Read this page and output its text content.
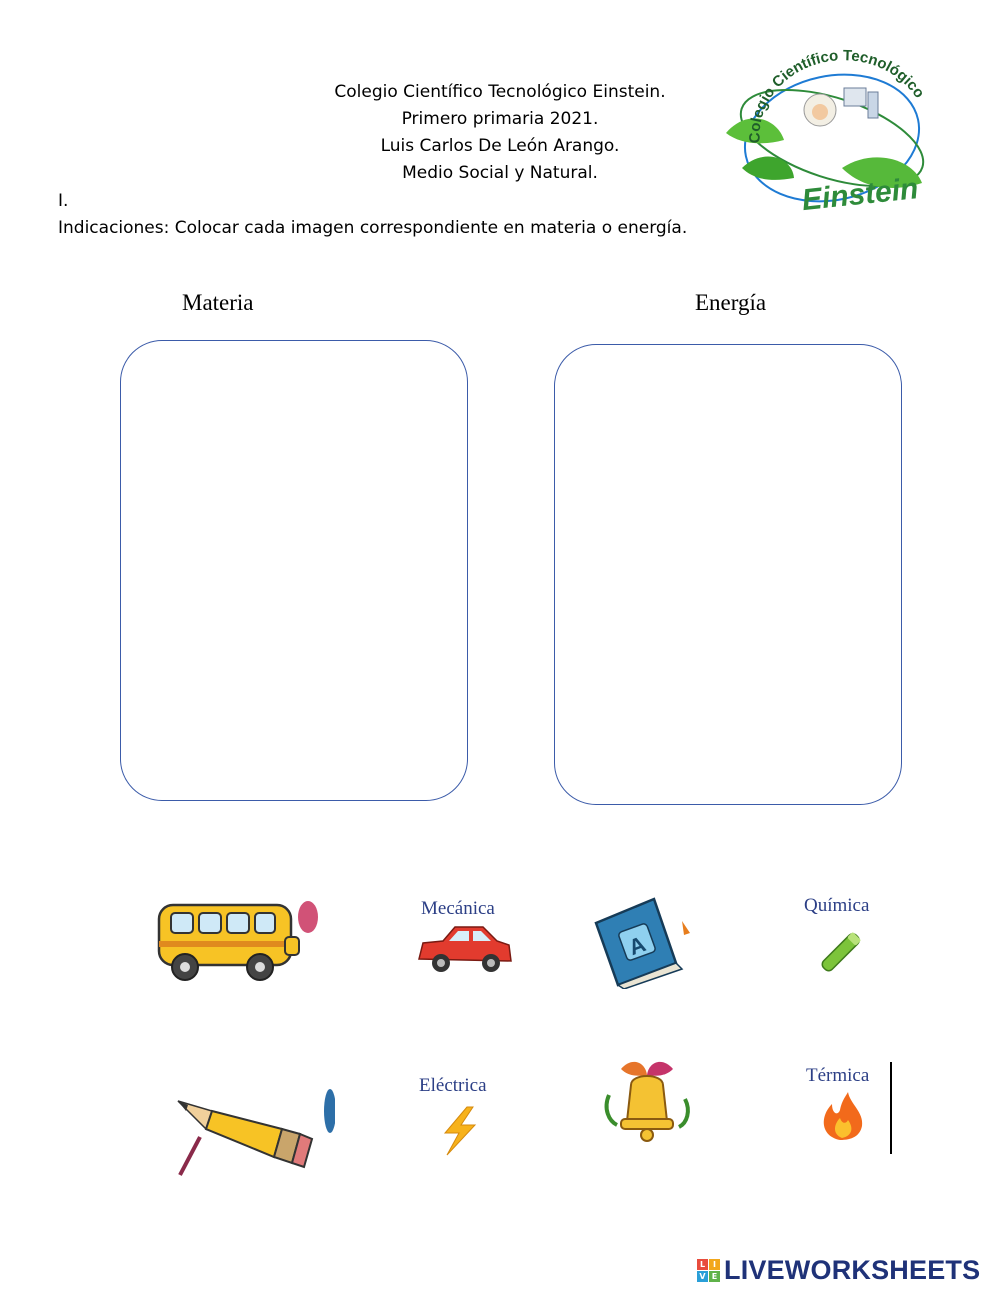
Colegio Científico Tecnológico Einstein.
Primero primaria 2021.
Luis Carlos De León Arango.
Medio Social y Natural.
Colegio Científico Tecnológico
Einstein
I.
Indicaciones: Colocar cada imagen correspondiente en materia o energía.
Materia	Energía
Mecánica
A
Química
Eléctrica	Térmica
L I
V E LIVEWORKSHEETS
